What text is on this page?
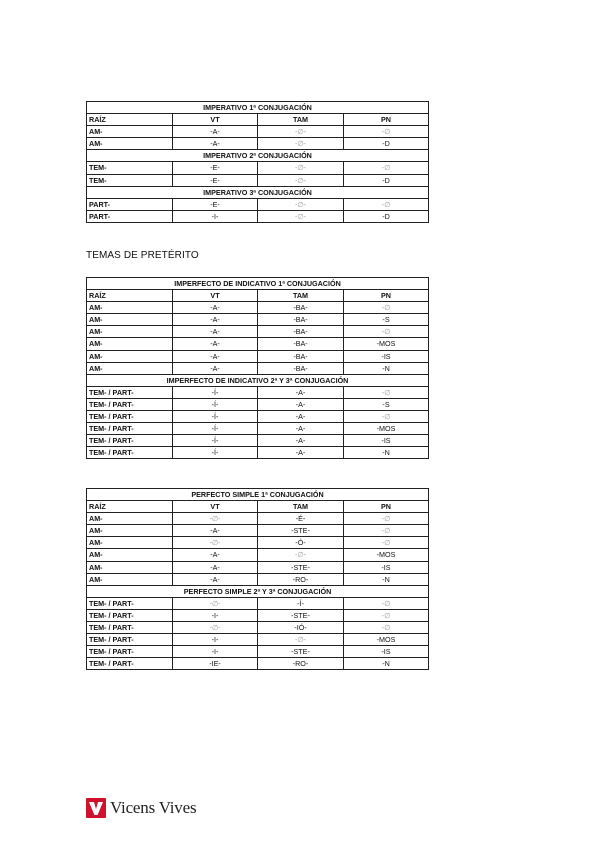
IMPERATIVO 1ª CONJUGACIÓN			
RAÍZ	VT	TAM	PN
AM-	-A-	-∅-	-∅
AM-	-A-	-∅-	-D
IMPERATIVO 2ª CONJUGACIÓN			
TEM-	-E-	-∅-	-∅
TEM-	-E-	-∅-	-D
IMPERATIVO 3ª CONJUGACIÓN			
PART-	-E-	-∅-	-∅
PART-	-I-	-∅-	-D
TEMAS DE PRETÉRITO
IMPERFECTO DE INDICATIVO 1ª CONJUGACIÓN			
RAÍZ	VT	TAM	PN
AM-	-A-	-BA-	-∅
AM-	-A-	-BA-	-S
AM-	-A-	-BA-	-∅
AM-	-A-	-BA-	-MOS
AM-	-A-	-BA-	-IS
AM-	-A-	-BA-	-N
IMPERFECTO DE INDICATIVO 2ª Y 3ª CONJUGACIÓN			
TEM- / PART-	-Í-	-A-	-∅
TEM- / PART-	-Í-	-A-	-S
TEM- / PART-	-Í-	-A-	-∅
TEM- / PART-	-Í-	-A-	-MOS
TEM- / PART-	-Í-	-A-	-IS
TEM- / PART-	-Í-	-A-	-N
PERFECTO SIMPLE 1ª CONJUGACIÓN			
RAÍZ	VT	TAM	PN
AM-	-∅-	-É-	-∅
AM-	-A-	-STE-	-∅
AM-	-∅-	-Ó-	-∅
AM-	-A-	-∅-	-MOS
AM-	-A-	-STE-	-IS
AM-	-A-	-RO-	-N
PERFECTO SIMPLE 2ª Y 3ª CONJUGACIÓN			
TEM- / PART-	-∅-	-Í-	-∅
TEM- / PART-	-I-	-STE-	-∅
TEM- / PART-	-∅-	-IÓ-	-∅
TEM- / PART-	-I-	-∅-	-MOS
TEM- / PART-	-I-	-STE-	-IS
TEM- / PART-	-IE-	-RO-	-N
Vicens Vives
